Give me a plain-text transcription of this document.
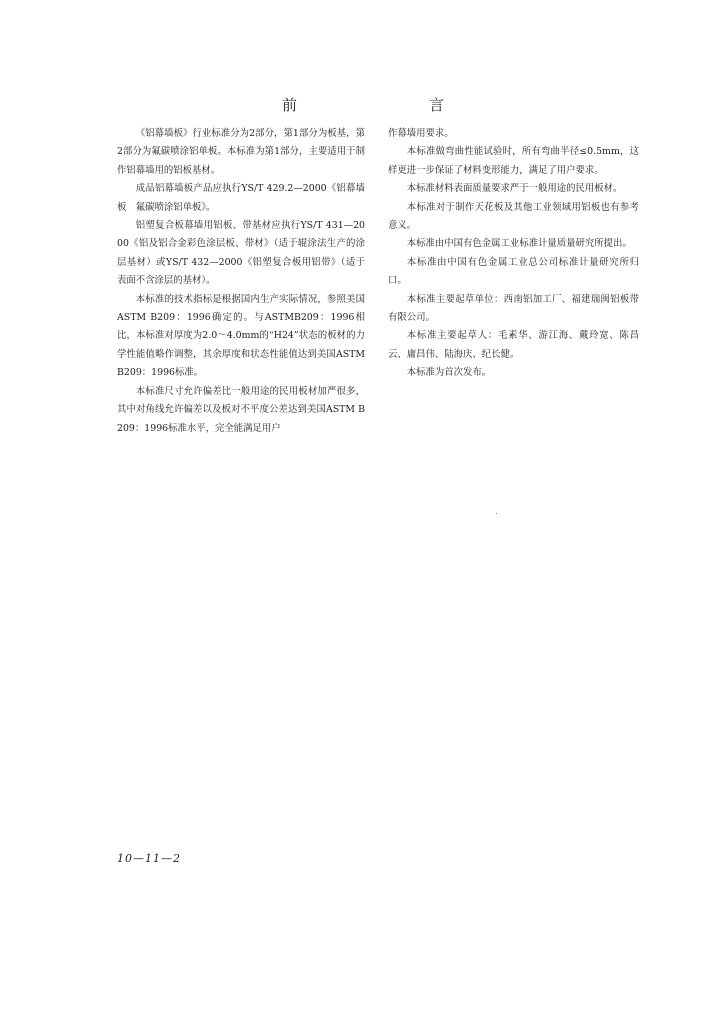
前　　言

《铝幕墙板》行业标准分为2部分，第1部分为板基，第2部分为氟碳喷涂铝单板。本标准为第1部分，主要适用于制作铝幕墙用的铝板基材。

成品铝幕墙板产品应执行YS/T 429.2—2000《铝幕墙板　氟碳喷涂铝单板》。

铝塑复合板幕墙用铝板、带基材应执行YS/T 431—2000《铝及铝合金彩色涂层板、带材》（适于辊涂法生产的涂层基材）或YS/T 432—2000《铝塑复合板用铝带》（适于表面不含涂层的基材）。

本标准的技术指标是根据国内生产实际情况，参照美国ASTM B209：1996确定的。与ASTMB209：1996相比，本标准对厚度为2.0～4.0mm的“H24”状态的板材的力学性能值略作调整，其余厚度和状态性能值达到美国ASTM B209：1996标准。

本标准尺寸允许偏差比一般用途的民用板材加严很多，其中对角线允许偏差以及板对不平度公差达到美国ASTM B209：1996标准水平，完全能满足用户

作幕墙用要求。

本标准做弯曲性能试验时，所有弯曲半径≤0.5mm，这样更进一步保证了材料变形能力，满足了用户要求。

本标准材料表面质量要求严于一般用途的民用板材。

本标准对于制作天花板及其他工业领域用铝板也有参考意义。

本标准由中国有色金属工业标准计量质量研究所提出。

本标准由中国有色金属工业总公司标准计量研究所归口。

本标准主要起草单位：西南铝加工厂、福建瑞闽铝板带有限公司。

本标准主要起草人：毛素华、游江海、戴玲宽、陈昌云、庸昌伟、陆海庆、纪长健。

本标准为首次发布。

10—11—2
